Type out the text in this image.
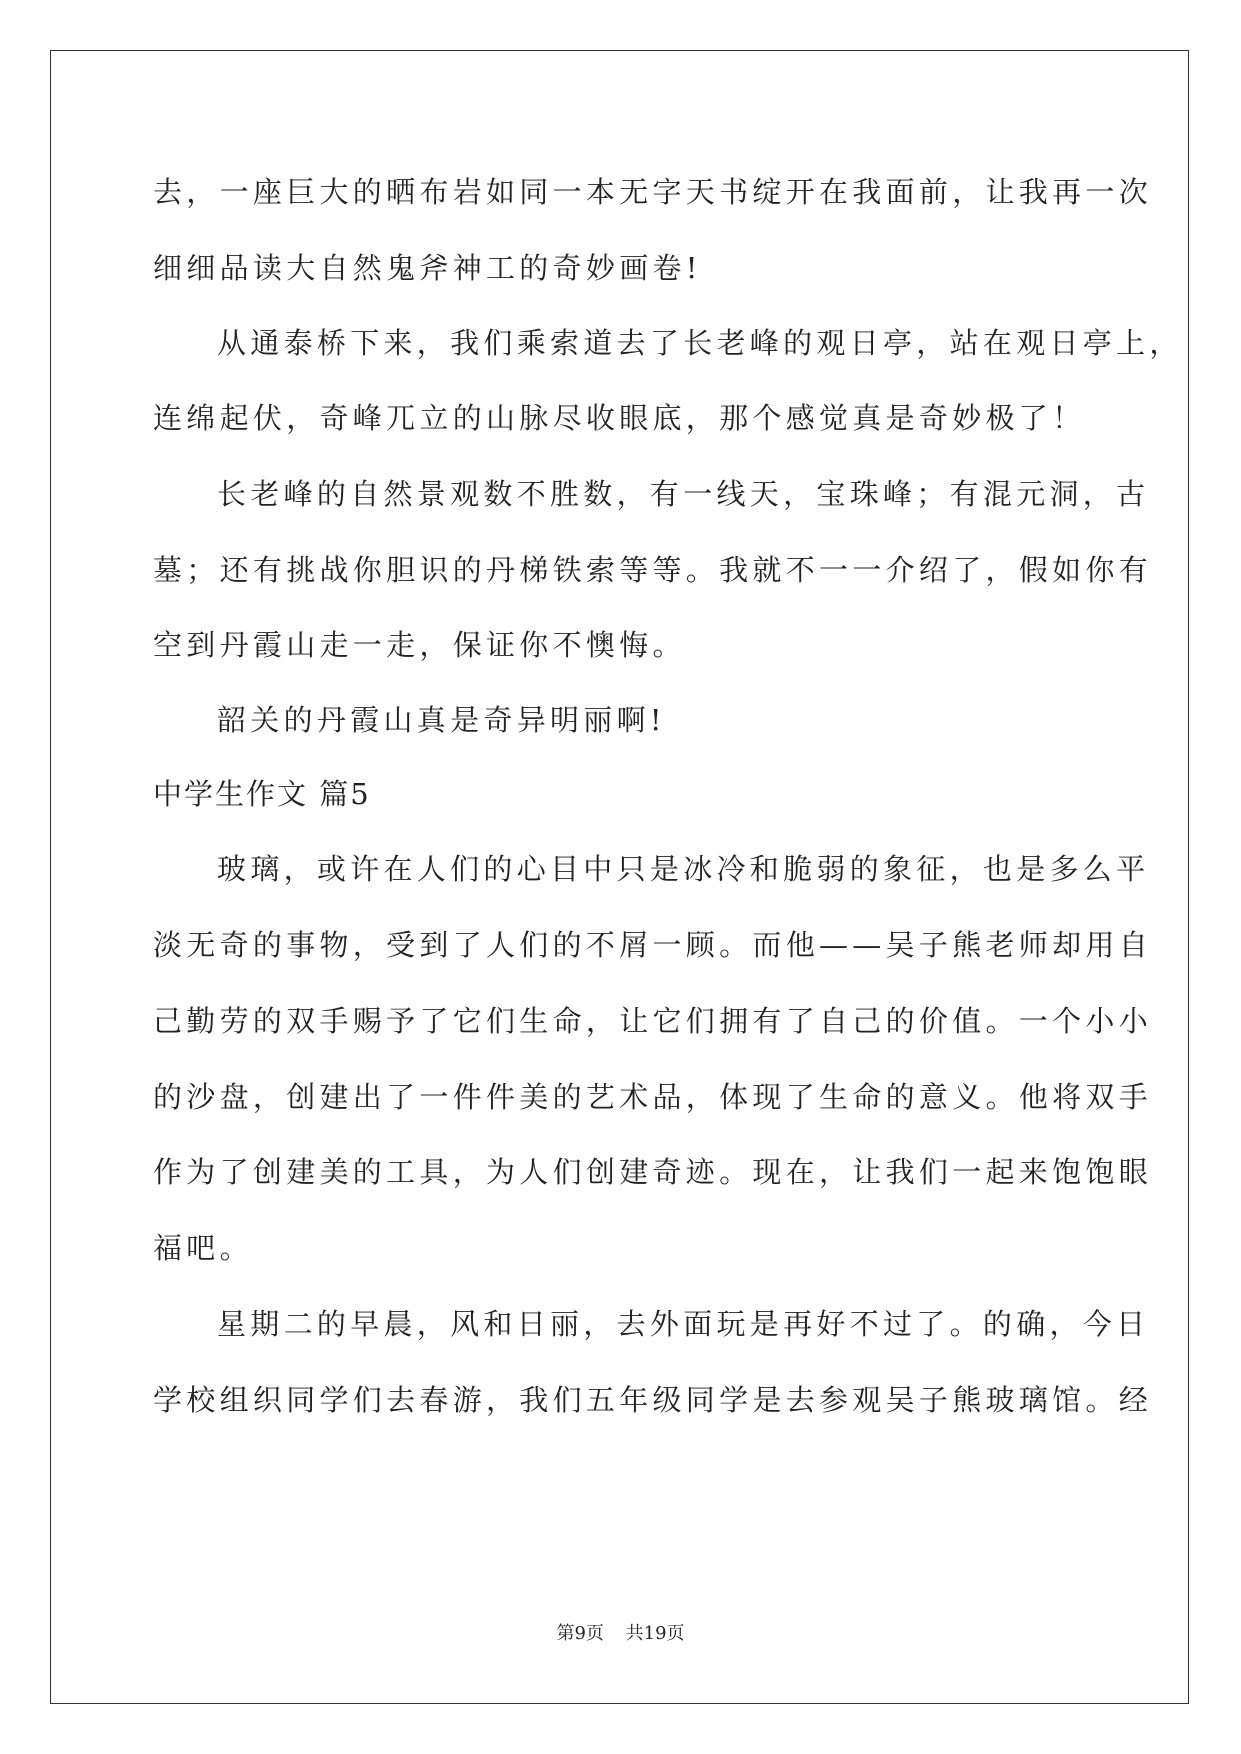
去，一座巨大的晒布岩如同一本无字天书绽开在我面前，让我再一次
细细品读大自然鬼斧神工的奇妙画卷!
从通泰桥下来，我们乘索道去了长老峰的观日亭，站在观日亭上，
连绵起伏，奇峰兀立的山脉尽收眼底，那个感觉真是奇妙极了！
长老峰的自然景观数不胜数，有一线天，宝珠峰；有混元洞，古
墓；还有挑战你胆识的丹梯铁索等等。我就不一一介绍了，假如你有
空到丹霞山走一走，保证你不懊悔。
韶关的丹霞山真是奇异明丽啊!
中学生作文 篇5
玻璃，或许在人们的心目中只是冰冷和脆弱的象征，也是多么平
淡无奇的事物，受到了人们的不屑一顾。而他——吴子熊老师却用自
己勤劳的双手赐予了它们生命，让它们拥有了自己的价值。一个小小
的沙盘，创建出了一件件美的艺术品，体现了生命的意义。他将双手
作为了创建美的工具，为人们创建奇迹。现在，让我们一起来饱饱眼
福吧。
星期二的早晨，风和日丽，去外面玩是再好不过了。的确，今日
学校组织同学们去春游，我们五年级同学是去参观吴子熊玻璃馆。经
第9页 共19页
